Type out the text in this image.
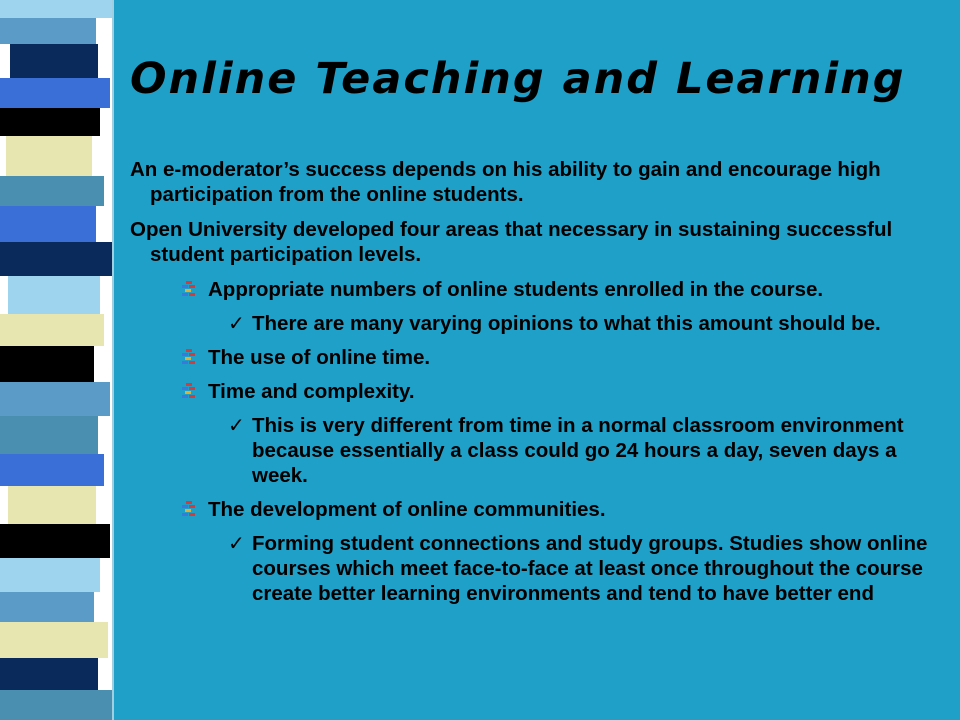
Online Teaching and Learning

An e-moderator’s success depends on his ability to gain and encourage high participation from the online students.

Open University developed four areas that necessary in sustaining successful student participation levels.

Appropriate numbers of online students enrolled in the course.
✓ There are many varying opinions to what this amount should be.
The use of online time.
Time and complexity.
✓ This is very different from time in a normal classroom environment because essentially a class could go 24 hours a day, seven days a week.
The development of online communities.
✓ Forming student connections and study groups. Studies show online courses which meet face-to-face at least once throughout the course create better learning environments and tend to have better end
